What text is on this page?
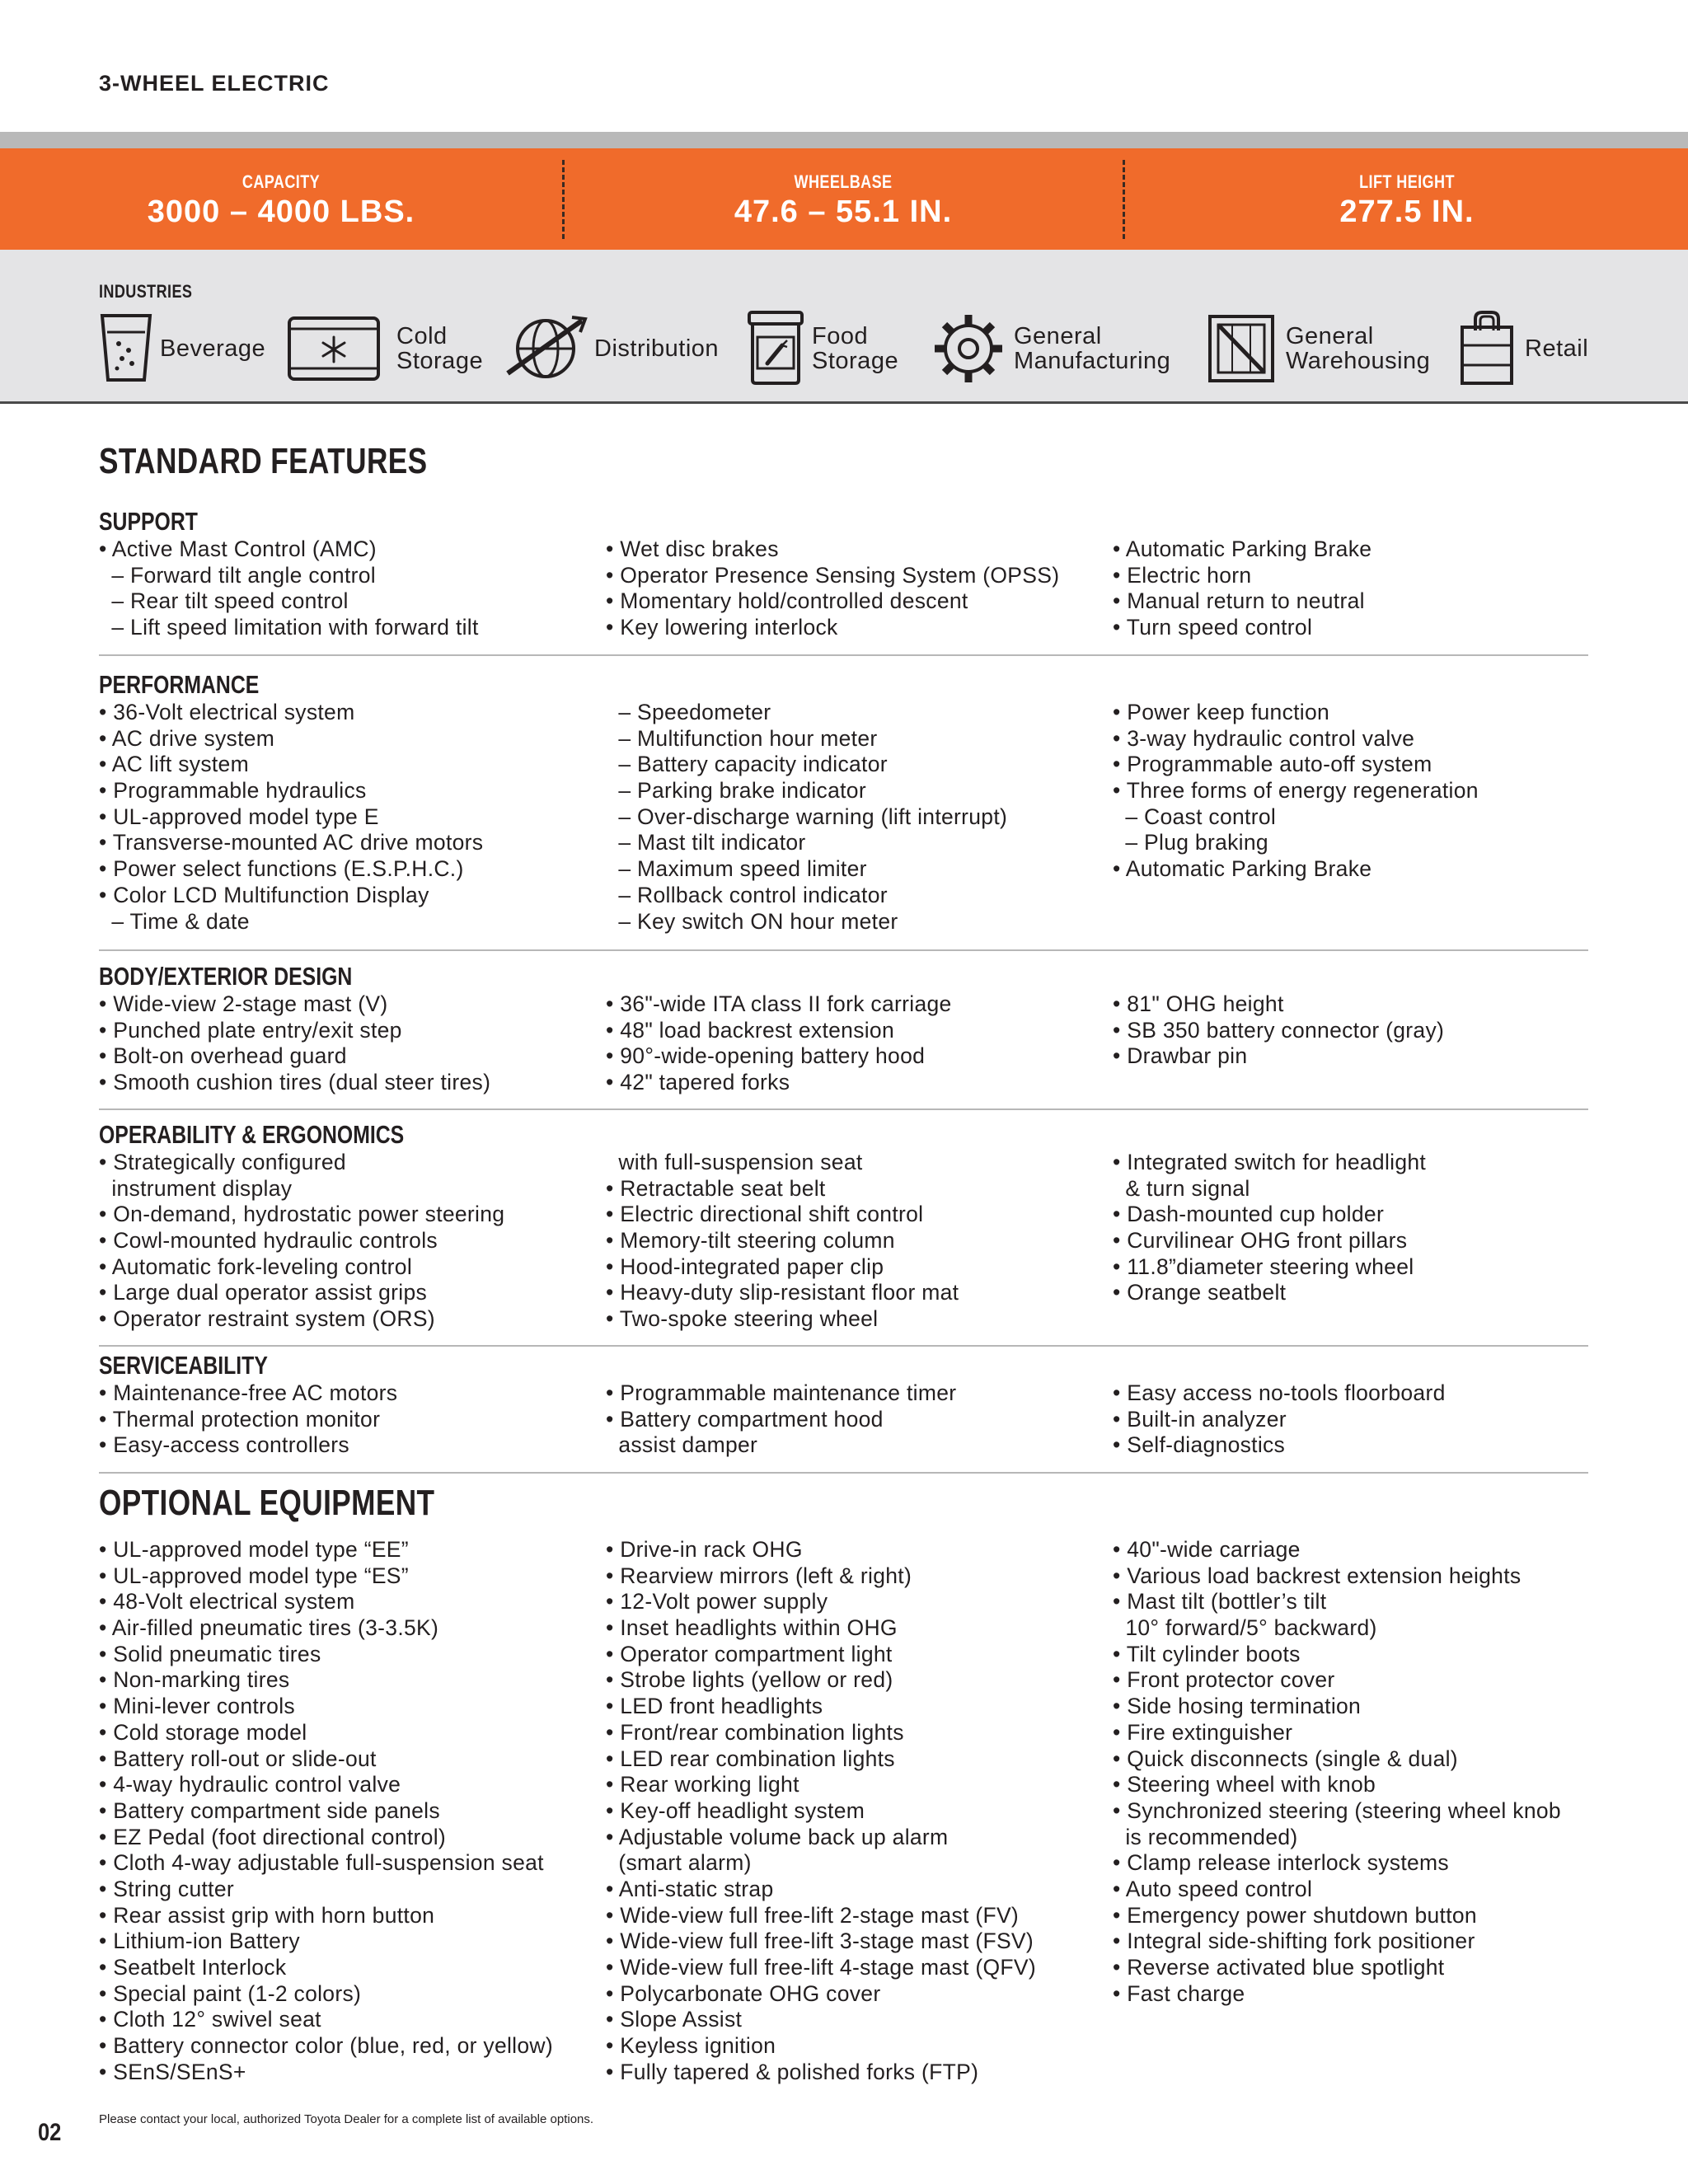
3-WHEEL ELECTRIC
CAPACITY
3000 – 4000 LBS.
WHEELBASE
47.6 – 55.1 IN.
LIFT HEIGHT
277.5 IN.
INDUSTRIES
Beverage	Cold
Storage	Distribution	Food
Storage
General
Manufacturing
General
Warehousing	Retail
STANDARD FEATURES
SUPPORT
• Active Mast Control (AMC)
– Forward tilt angle control
– Rear tilt speed control
– Lift speed limitation with forward tilt
• Wet disc brakes
• Operator Presence Sensing System (OPSS)
• Momentary hold/controlled descent
• Key lowering interlock
• Automatic Parking Brake
• Electric horn
• Manual return to neutral
• Turn speed control
PERFORMANCE
• 36-Volt electrical system
• AC drive system
• AC lift system
• Programmable hydraulics
• UL-approved model type E
• Transverse-mounted AC drive motors
• Power select functions (E.S.P.H.C.)
• Color LCD Multifunction Display
– Time & date
– Speedometer
– Multifunction hour meter
– Battery capacity indicator
– Parking brake indicator
– Over-discharge warning (lift interrupt)
– Mast tilt indicator
– Maximum speed limiter
– Rollback control indicator
– Key switch ON hour meter
• Power keep function
• 3-way hydraulic control valve
• Programmable auto-off system
• Three forms of energy regeneration
– Coast control
– Plug braking
• Automatic Parking Brake
BODY/EXTERIOR DESIGN
• Wide-view 2-stage mast (V)
• Punched plate entry/exit step
• Bolt-on overhead guard
• Smooth cushion tires (dual steer tires)
• 36"-wide ITA class II fork carriage
• 48" load backrest extension
• 90°-wide-opening battery hood
• 42" tapered forks
• 81" OHG height
• SB 350 battery connector (gray)
• Drawbar pin
OPERABILITY & ERGONOMICS
• Strategically configured
instrument display
• On-demand, hydrostatic power steering
• Cowl-mounted hydraulic controls
• Automatic fork-leveling control
• Large dual operator assist grips
• Operator restraint system (ORS)
with full-suspension seat
• Retractable seat belt
• Electric directional shift control
• Memory-tilt steering column
• Hood-integrated paper clip
• Heavy-duty slip-resistant floor mat
• Two-spoke steering wheel
• Integrated switch for headlight
& turn signal
• Dash-mounted cup holder
• Curvilinear OHG front pillars
• 11.8”diameter steering wheel
• Orange seatbelt
SERVICEABILITY
• Maintenance-free AC motors
• Thermal protection monitor
• Easy-access controllers
• Programmable maintenance timer
• Battery compartment hood
assist damper
• Easy access no-tools floorboard
• Built-in analyzer
• Self-diagnostics
OPTIONAL EQUIPMENT
• UL-approved model type “EE”
• UL-approved model type “ES”
• 48-Volt electrical system
• Air-filled pneumatic tires (3-3.5K)
• Solid pneumatic tires
• Non-marking tires
• Mini-lever controls
• Cold storage model
• Battery roll-out or slide-out
• 4-way hydraulic control valve
• Battery compartment side panels
• EZ Pedal (foot directional control)
• Cloth 4-way adjustable full-suspension seat
• String cutter
• Rear assist grip with horn button
• Lithium-ion Battery
• Seatbelt Interlock
• Special paint (1-2 colors)
• Cloth 12° swivel seat
• Battery connector color (blue, red, or yellow)
• SEnS/SEnS+
• Drive-in rack OHG
• Rearview mirrors (left & right)
• 12-Volt power supply
• Inset headlights within OHG
• Operator compartment light
• Strobe lights (yellow or red)
• LED front headlights
• Front/rear combination lights
• LED rear combination lights
• Rear working light
• Key-off headlight system
• Adjustable volume back up alarm
(smart alarm)
• Anti-static strap
• Wide-view full free-lift 2-stage mast (FV)
• Wide-view full free-lift 3-stage mast (FSV)
• Wide-view full free-lift 4-stage mast (QFV)
• Polycarbonate OHG cover
• Slope Assist
• Keyless ignition
• Fully tapered & polished forks (FTP)
• 40"-wide carriage
• Various load backrest extension heights
• Mast tilt (bottler’s tilt
10° forward/5° backward)
• Tilt cylinder boots
• Front protector cover
• Side hosing termination
• Fire extinguisher
• Quick disconnects (single & dual)
• Steering wheel with knob
• Synchronized steering (steering wheel knob
is recommended)
• Clamp release interlock systems
• Auto speed control
• Emergency power shutdown button
• Integral side-shifting fork positioner
• Reverse activated blue spotlight
• Fast charge
02	Please contact your local, authorized Toyota Dealer for a complete list of available options.
